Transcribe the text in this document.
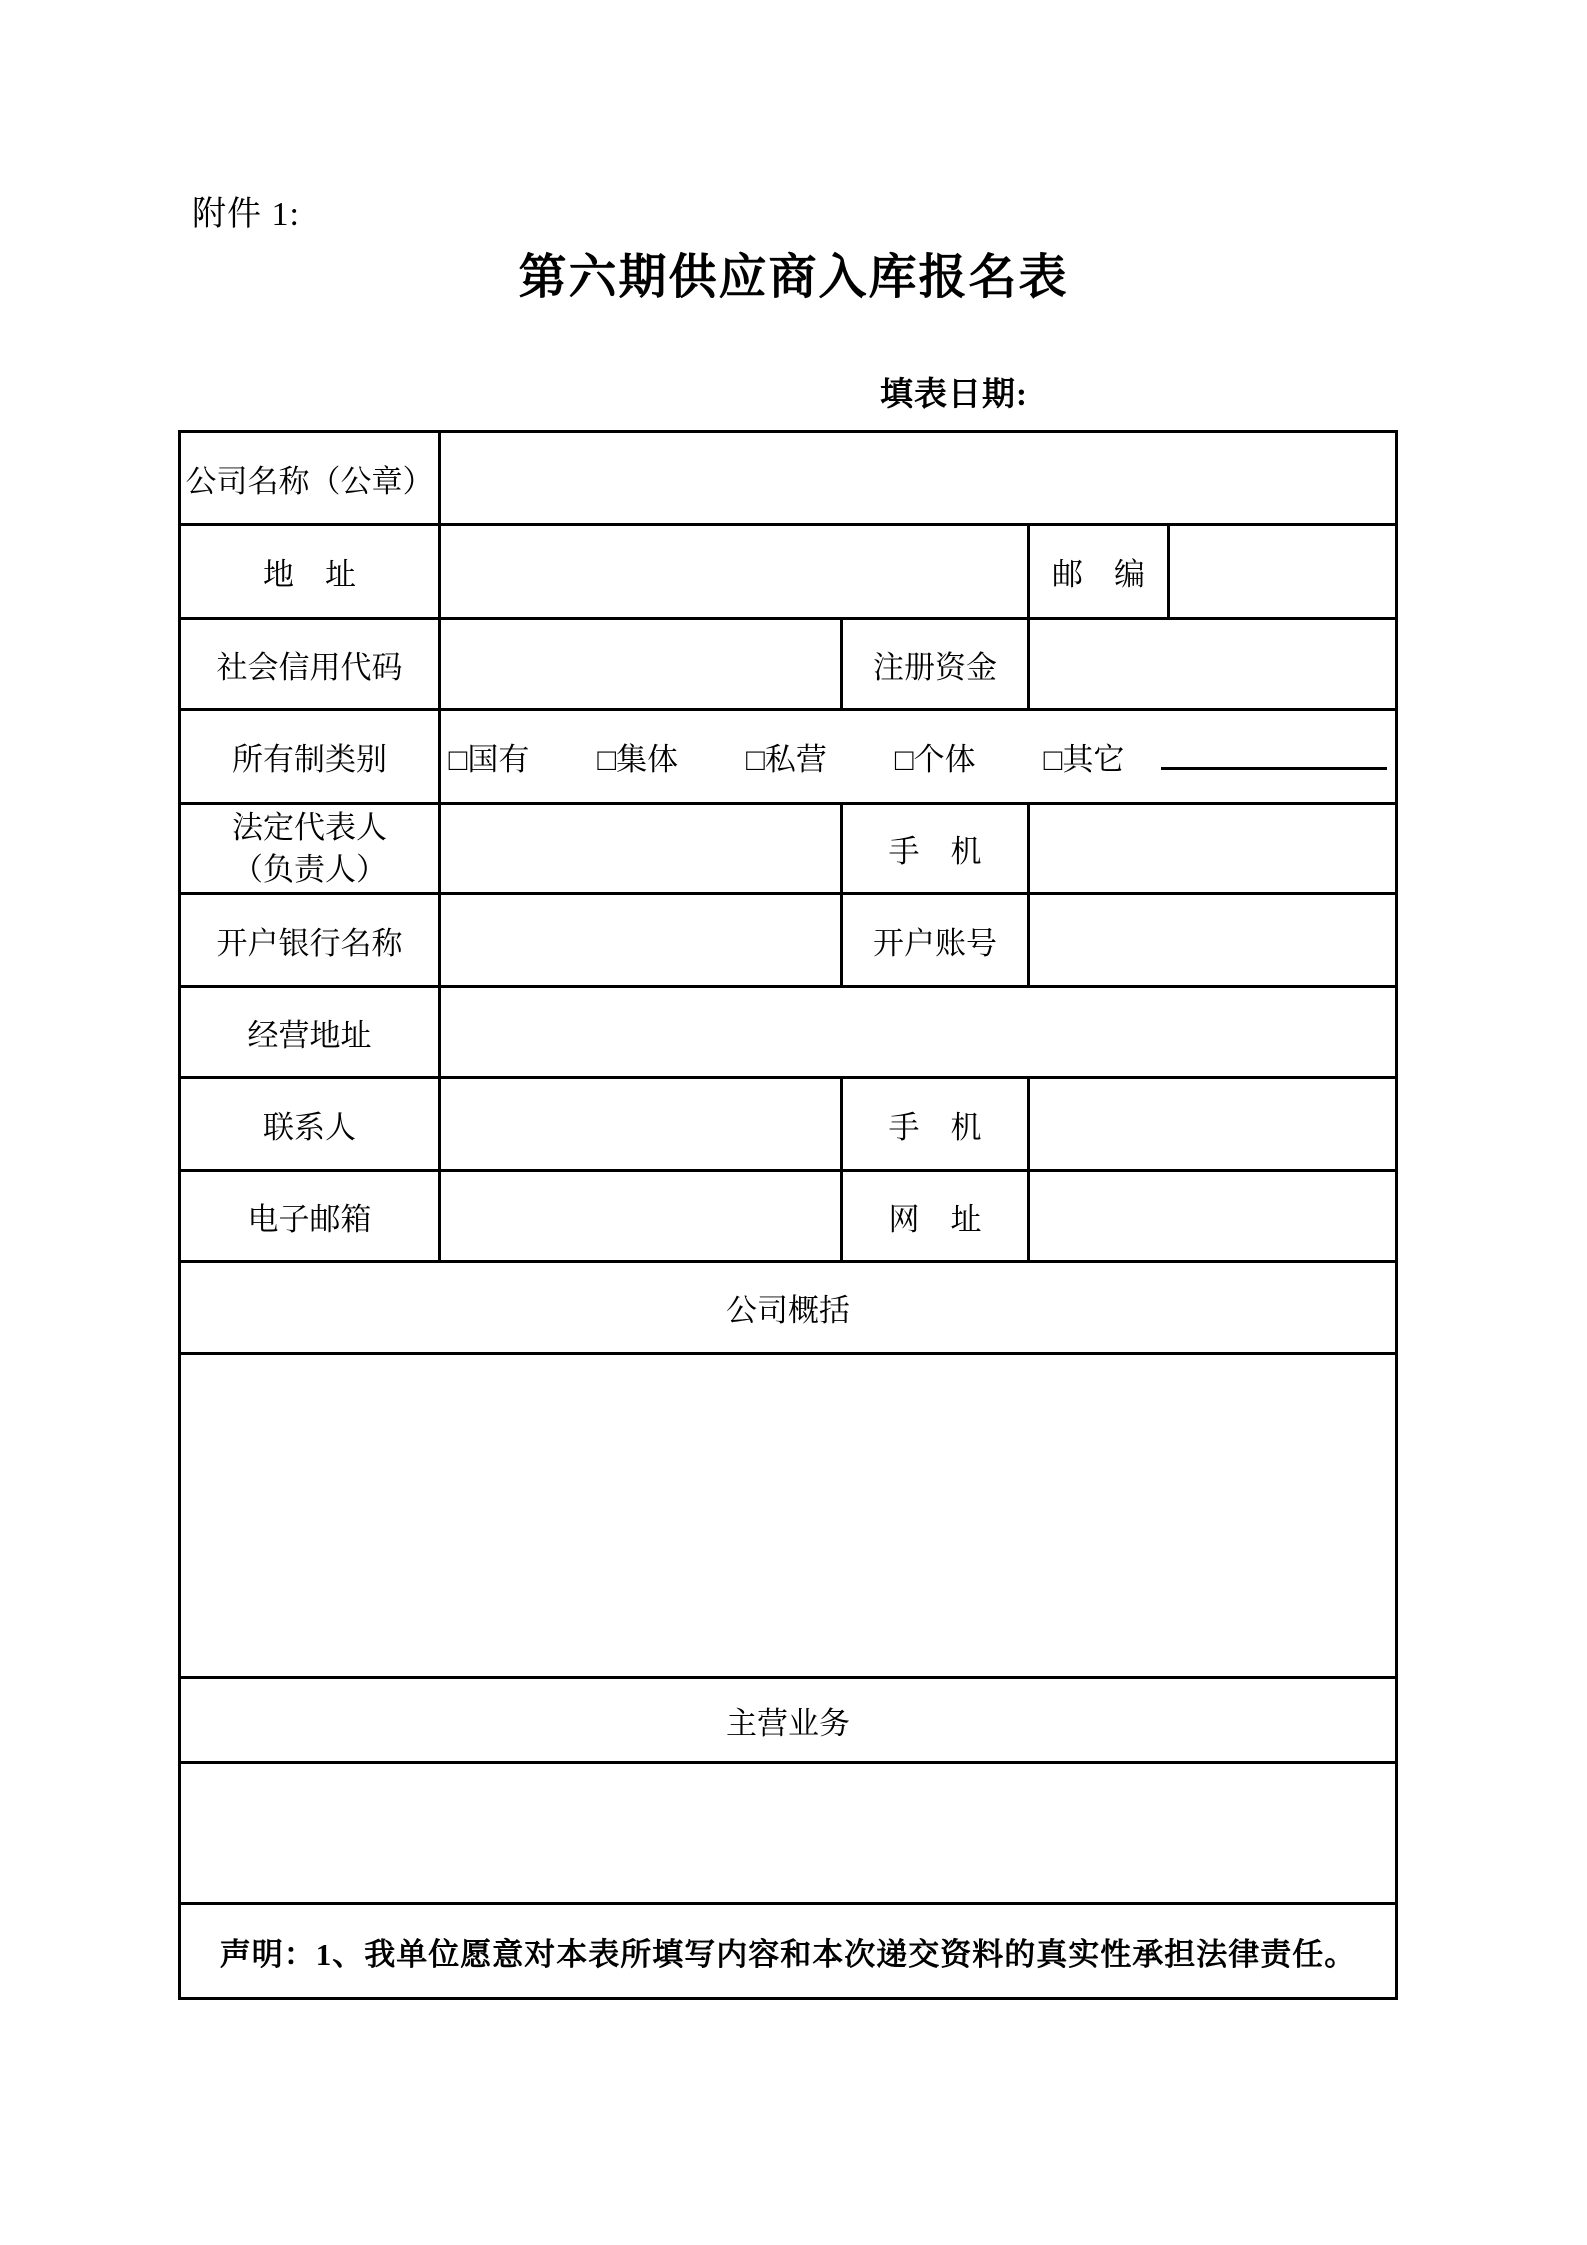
附件 1:
第六期供应商入库报名表
填表日期:
公司名称（公章）				
地 址			邮 编	
社会信用代码		注册资金		
所有制类别	□国有 □集体 □私营 □个体 □其它			

法定代表人
（负责人）		手 机		
开户银行名称		开户账号		
经营地址				
联系人		手 机		
电子邮箱		网 址		
公司概括				

主营业务				

声明：1、我单位愿意对本表所填写内容和本次递交资料的真实性承担法律责任。				
